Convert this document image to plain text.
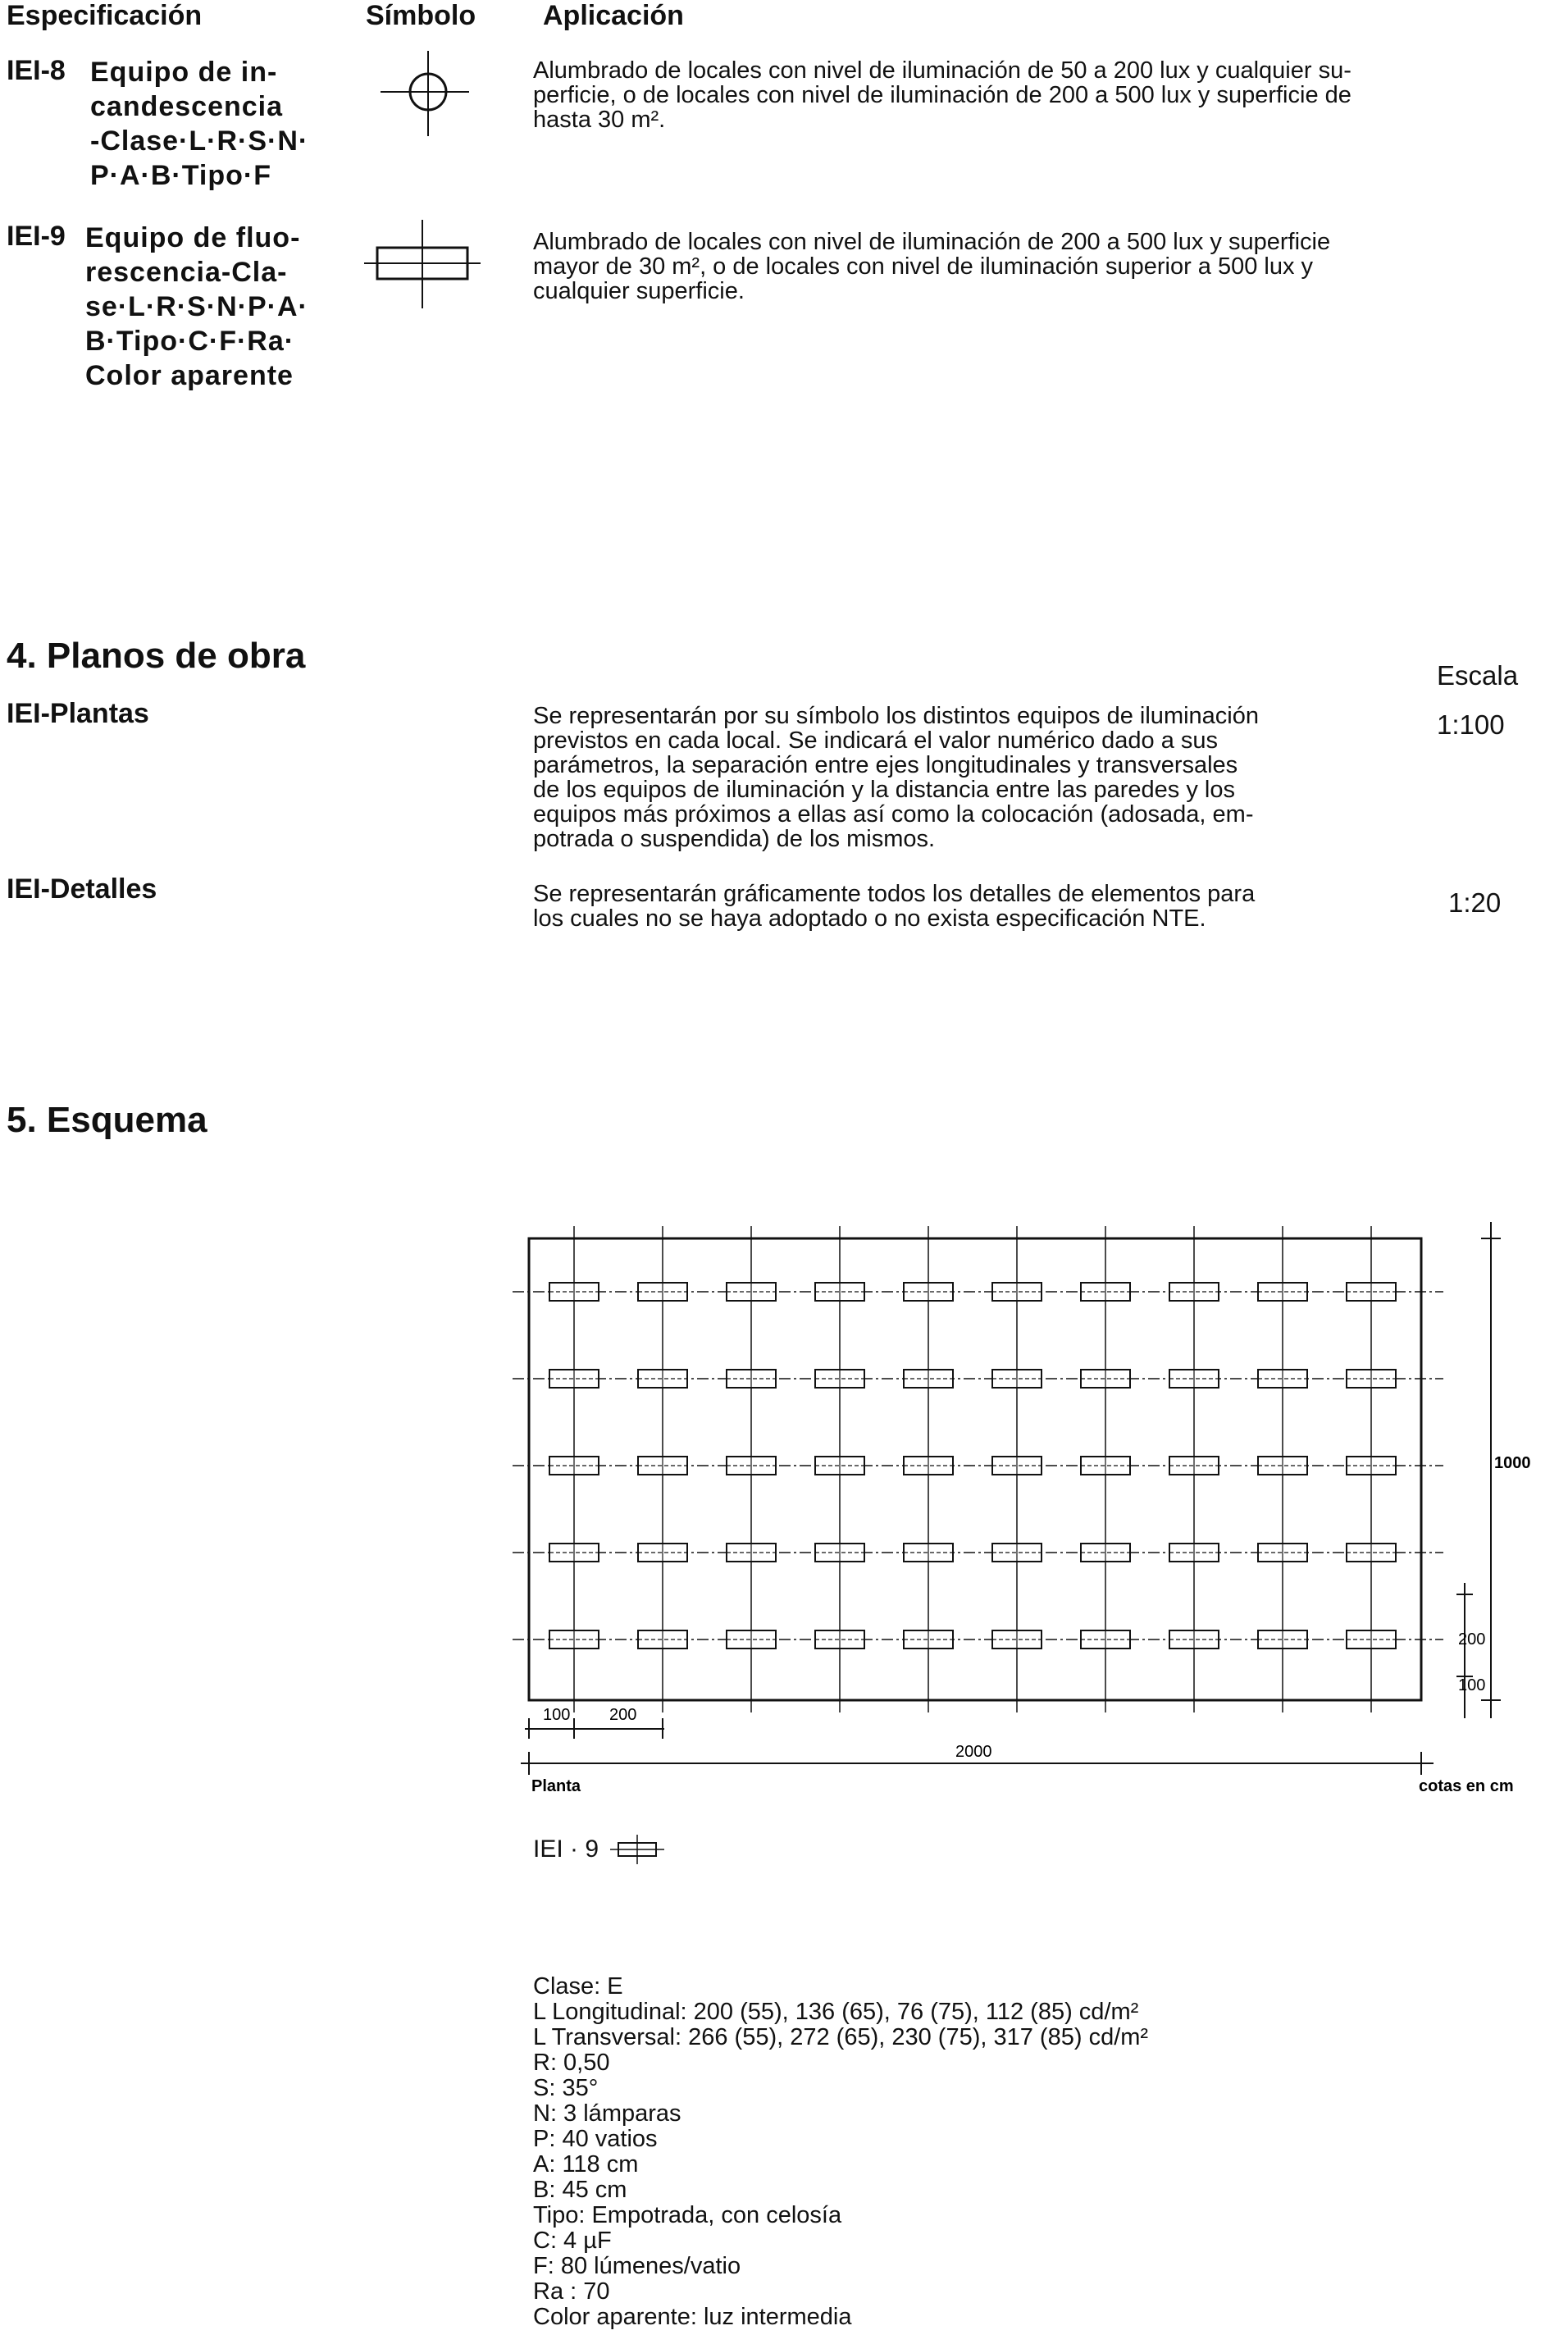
Especificación	Símbolo Aplicación
IEI-8 Equipo de in-
candescencia
-Clase·L·R·S·N·
P·A·B·Tipo·F
Alumbrado de locales con nivel de iluminación de 50 a 200 lux y cualquier su-
perficie, o de locales con nivel de iluminación de 200 a 500 lux y superficie de
hasta 30 m².
IEI-9 Equipo de fluo-
rescencia-Cla-
se·L·R·S·N·P·A·
B·Tipo·C·F·Ra·
Color aparente
Alumbrado de locales con nivel de iluminación de 200 a 500 lux y superficie
mayor de 30 m², o de locales con nivel de iluminación superior a 500 lux y
cualquier superficie.
4. Planos de obra	Escala
IEI-Plantas	Se representarán por su símbolo los distintos equipos de iluminación
previstos en cada local. Se indicará el valor numérico dado a sus
parámetros, la separación entre ejes longitudinales y transversales
de los equipos de iluminación y la distancia entre las paredes y los
equipos más próximos a ellas así como la colocación (adosada, em-
potrada o suspendida) de los mismos.
1:100
IEI-Detalles	Se representarán gráficamente todos los detalles de elementos para
los cuales no se haya adoptado o no exista especificación NTE.
1:20
5. Esquema
100 200
2000
Planta	cotas en cm
1000
200
100
IEI · 9
Clase: E
L Longitudinal: 200 (55), 136 (65), 76 (75), 112 (85) cd/m²
L Transversal: 266 (55), 272 (65), 230 (75), 317 (85) cd/m²
R: 0,50
S: 35°
N: 3 lámparas
P: 40 vatios
A: 118 cm
B: 45 cm
Tipo: Empotrada, con celosía
C: 4 µF
F: 80 lúmenes/vatio
Ra : 70
Color aparente: luz intermedia
